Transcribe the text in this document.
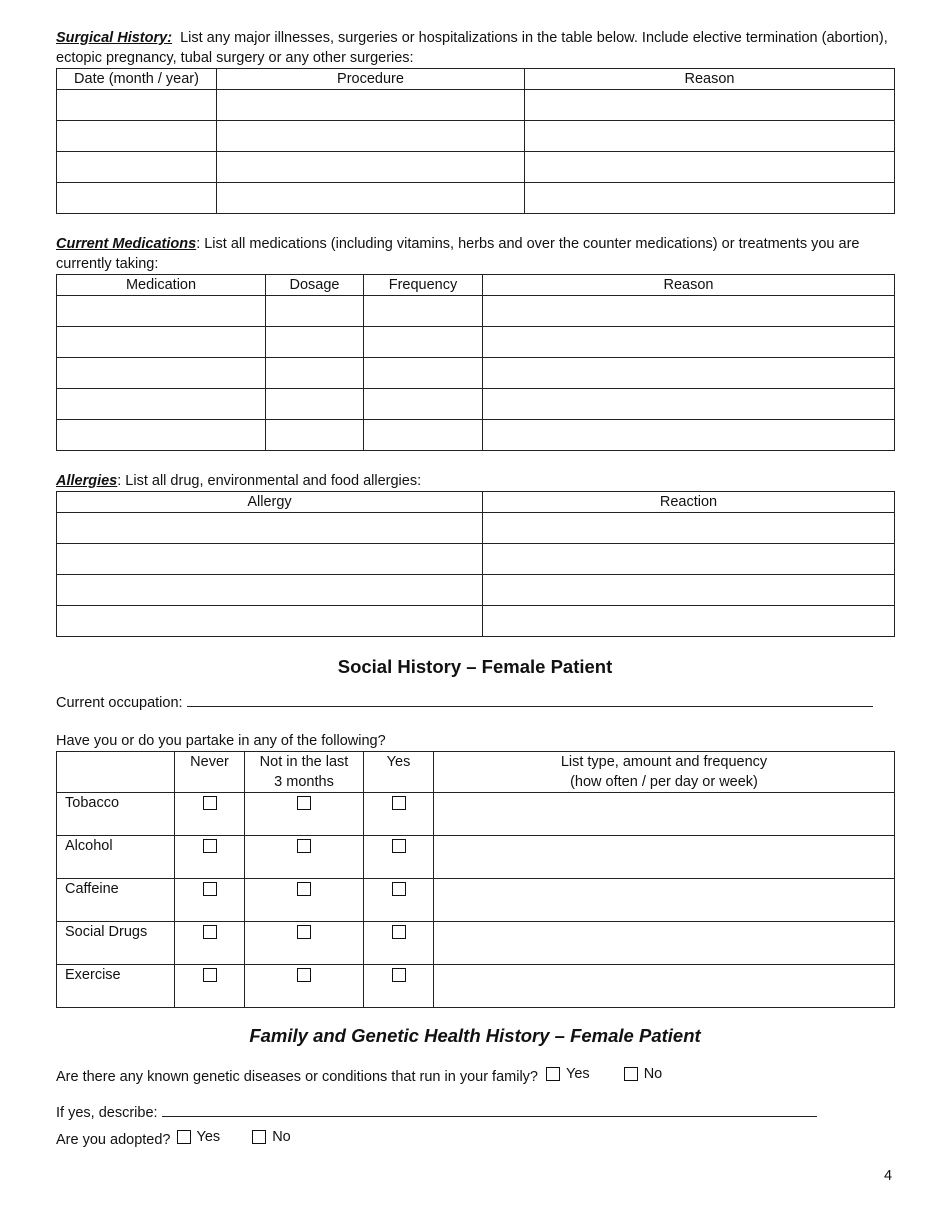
Surgical History: List any major illnesses, surgeries or hospitalizations in the table below. Include elective termination (abortion), ectopic pregnancy, tubal surgery or any other surgeries:

Date (month / year)	Procedure	Reason

Current Medications: List all medications (including vitamins, herbs and over the counter medications) or treatments you are currently taking:

Medication	Dosage	Frequency	Reason

Allergies: List all drug, environmental and food allergies:

Allergy	Reaction

Social History – Female Patient
Current occupation:

Have you or do you partake in any of the following?

	Never	Not in the last
3 months	Yes	List type, amount and frequency
(how often / per day or week)
Tobacco				
Alcohol				
Caffeine				
Social Drugs				
Exercise				
Family and Genetic Health History – Female Patient
Are there any known genetic diseases or conditions that run in your family? Yes
	No
If yes, describe:
Are you adopted? Yes
	No
4
